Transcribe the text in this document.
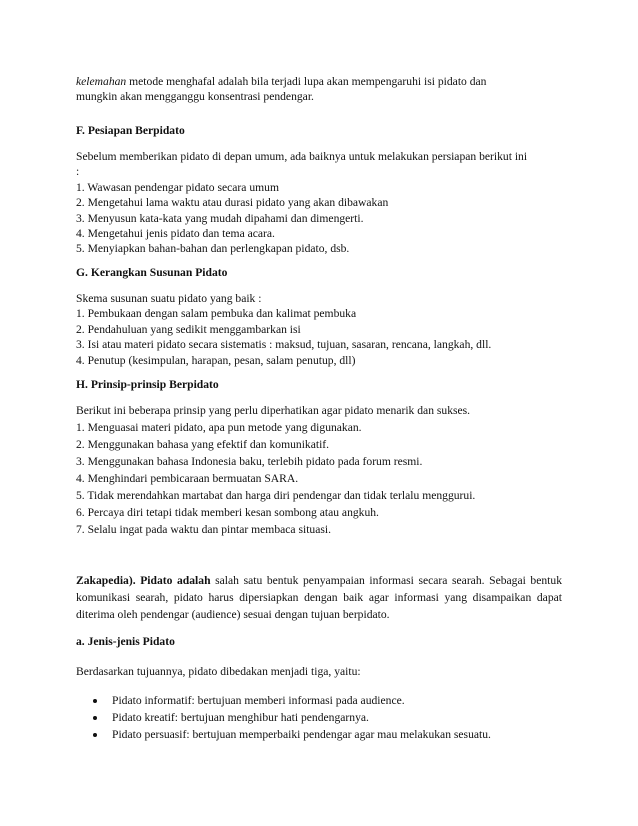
kelemahan metode menghafal adalah bila terjadi lupa akan mempengaruhi isi pidato dan
mungkin akan mengganggu konsentrasi pendengar.
F. Pesiapan Berpidato
Sebelum memberikan pidato di depan umum, ada baiknya untuk melakukan persiapan berikut ini
:
1. Wawasan pendengar pidato secara umum
2. Mengetahui lama waktu atau durasi pidato yang akan dibawakan
3. Menyusun kata-kata yang mudah dipahami dan dimengerti.
4. Mengetahui jenis pidato dan tema acara.
5. Menyiapkan bahan-bahan dan perlengkapan pidato, dsb.
G. Kerangkan Susunan Pidato
Skema susunan suatu pidato yang baik :
1. Pembukaan dengan salam pembuka dan kalimat pembuka
2. Pendahuluan yang sedikit menggambarkan isi
3. Isi atau materi pidato secara sistematis : maksud, tujuan, sasaran, rencana, langkah, dll.
4. Penutup (kesimpulan, harapan, pesan, salam penutup, dll)
H. Prinsip-prinsip Berpidato
Berikut ini beberapa prinsip yang perlu diperhatikan agar pidato menarik dan sukses.
1. Menguasai materi pidato, apa pun metode yang digunakan.
2. Menggunakan bahasa yang efektif dan komunikatif.
3. Menggunakan bahasa Indonesia baku, terlebih pidato pada forum resmi.
4. Menghindari pembicaraan bermuatan SARA.
5. Tidak merendahkan martabat dan harga diri pendengar dan tidak terlalu menggurui.
6. Percaya diri tetapi tidak memberi kesan sombong atau angkuh.
7. Selalu ingat pada waktu dan pintar membaca situasi.
Zakapedia). Pidato adalah salah satu bentuk penyampaian informasi secara searah. Sebagai bentuk komunikasi searah, pidato harus dipersiapkan dengan baik agar informasi yang disampaikan dapat diterima oleh pendengar (audience) sesuai dengan tujuan berpidato.
a. Jenis-jenis Pidato
Berdasarkan tujuannya, pidato dibedakan menjadi tiga, yaitu:
Pidato informatif: bertujuan memberi informasi pada audience.
Pidato kreatif: bertujuan menghibur hati pendengarnya.
Pidato persuasif: bertujuan memperbaiki pendengar agar mau melakukan sesuatu.
